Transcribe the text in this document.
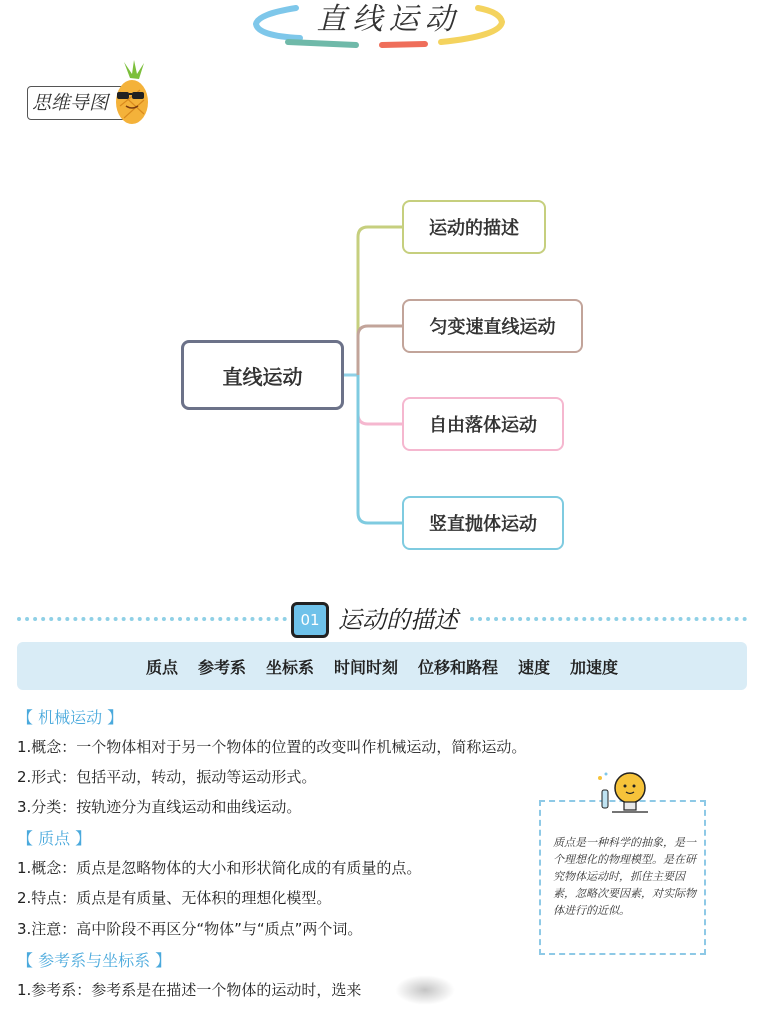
直线运动
思维导图
直线运动
运动的描述
匀变速直线运动
自由落体运动
竖直抛体运动
01 运动的描述
质点 参考系 坐标系 时间时刻 位移和路程 速度 加速度
【 机械运动 】
1.概念：一个物体相对于另一个物体的位置的改变叫作机械运动，简称运动。
2.形式：包括平动，转动，振动等运动形式。
3.分类：按轨迹分为直线运动和曲线运动。
【 质点 】
1.概念：质点是忽略物体的大小和形状简化成的有质量的点。
2.特点：质点是有质量、无体积的理想化模型。
3.注意：高中阶段不再区分“物体”与“质点”两个词。
【 参考系与坐标系 】
1.参考系：参考系是在描述一个物体的运动时，选来
质点是一种科学的抽象，是一个理想化的物理模型。是在研究物体运动时，抓住主要因素，忽略次要因素，对实际物体进行的近似。
